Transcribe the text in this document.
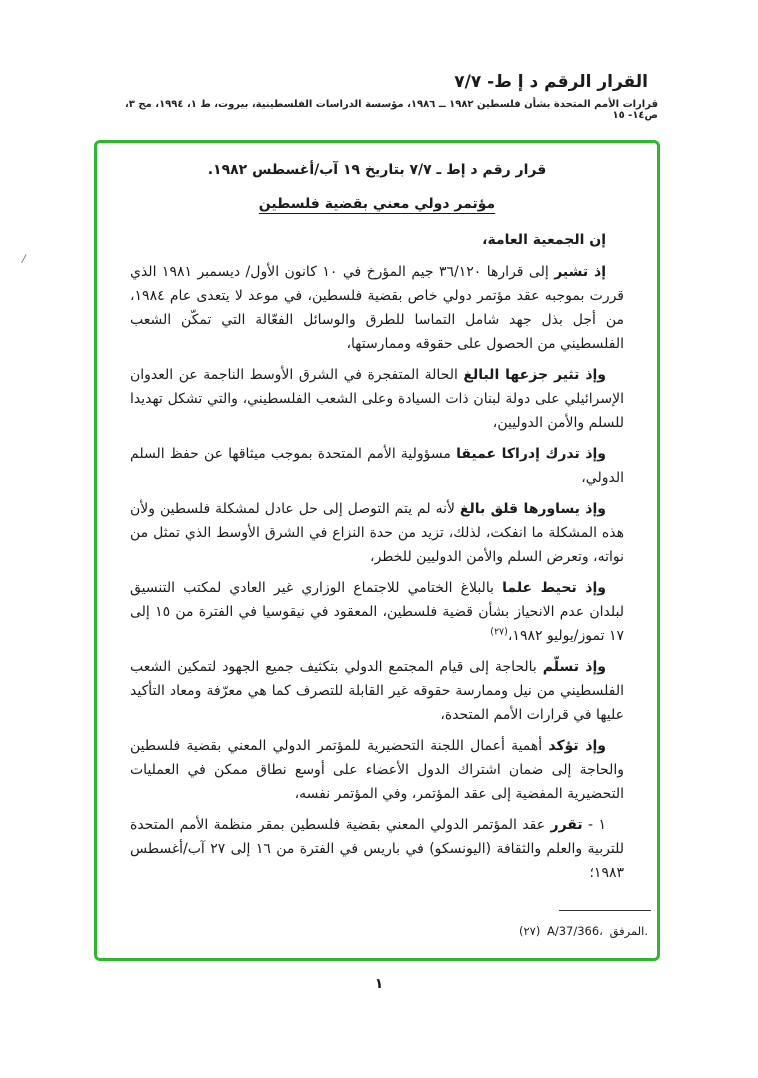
القرار الرقم د إ ط- ٧/٧
قرارات الأمم المتحدة بشأن فلسطين ١٩٨٢ ــ ١٩٨٦، مؤسسة الدراسات الفلسطينية، بيروت، ط ١، ١٩٩٤، مج ٣، ص١٤- ١٥
/

قرار رقم د إط ـ ٧/٧ بتاريخ ١٩ آب/أغسطس ١٩٨٢.

مؤتمر دولي معني بقضية فلسطين

إن الجمعية العامة،

إذ تشير إلى قرارها ٣٦/١٢٠ جيم المؤرخ في ١٠ كانون الأول/ ديسمبر ١٩٨١ الذي قررت بموجبه عقد مؤتمر دولي خاص بقضية فلسطين، في موعد لا يتعدى عام ١٩٨٤، من أجل بذل جهد شامل التماسا للطرق والوسائل الفعّالة التي تمكّن الشعب الفلسطيني من الحصول على حقوقه وممارستها،

وإذ تثير جزعها البالغ الحالة المتفجرة في الشرق الأوسط الناجمة عن العدوان الإسرائيلي على دولة لبنان ذات السيادة وعلى الشعب الفلسطيني، والتي تشكل تهديدا للسلم والأمن الدوليين،

وإذ تدرك إدراكا عميقا مسؤولية الأمم المتحدة بموجب ميثاقها عن حفظ السلم الدولي،

وإذ يساورها قلق بالغ لأنه لم يتم التوصل إلى حل عادل لمشكلة فلسطين ولأن هذه المشكلة ما انفكت، لذلك، تزيد من حدة النزاع في الشرق الأوسط الذي تمثل من نواته، وتعرض السلم والأمن الدوليين للخطر،

وإذ تحيط علما بالبلاغ الختامي للاجتماع الوزاري غير العادي لمكتب التنسيق لبلدان عدم الانحياز بشأن قضية فلسطين، المعقود في نيقوسيا في الفترة من ١٥ إلى ١٧ تموز/يوليو ١٩٨٢،$^{(٢٧)}$

وإذ تسلّم بالحاجة إلى قيام المجتمع الدولي بتكثيف جميع الجهود لتمكين الشعب الفلسطيني من نيل وممارسة حقوقه غير القابلة للتصرف كما هي معرّفة ومعاد التأكيد عليها في قرارات الأمم المتحدة،

وإذ تؤكد أهمية أعمال اللجنة التحضيرية للمؤتمر الدولي المعني بقضية فلسطين والحاجة إلى ضمان اشتراك الدول الأعضاء على أوسع نطاق ممكن في العمليات التحضيرية المفضية إلى عقد المؤتمر، وفي المؤتمر نفسه،

١ - تقرر عقد المؤتمر الدولي المعني بقضية فلسطين بمقر منظمة الأمم المتحدة للتربية والعلم والثقافة (اليونسكو) في باريس في الفترة من ١٦ إلى ٢٧ آب/أغسطس ١٩٨٣؛

(٢٧) A/37/366، المرفق.
١
